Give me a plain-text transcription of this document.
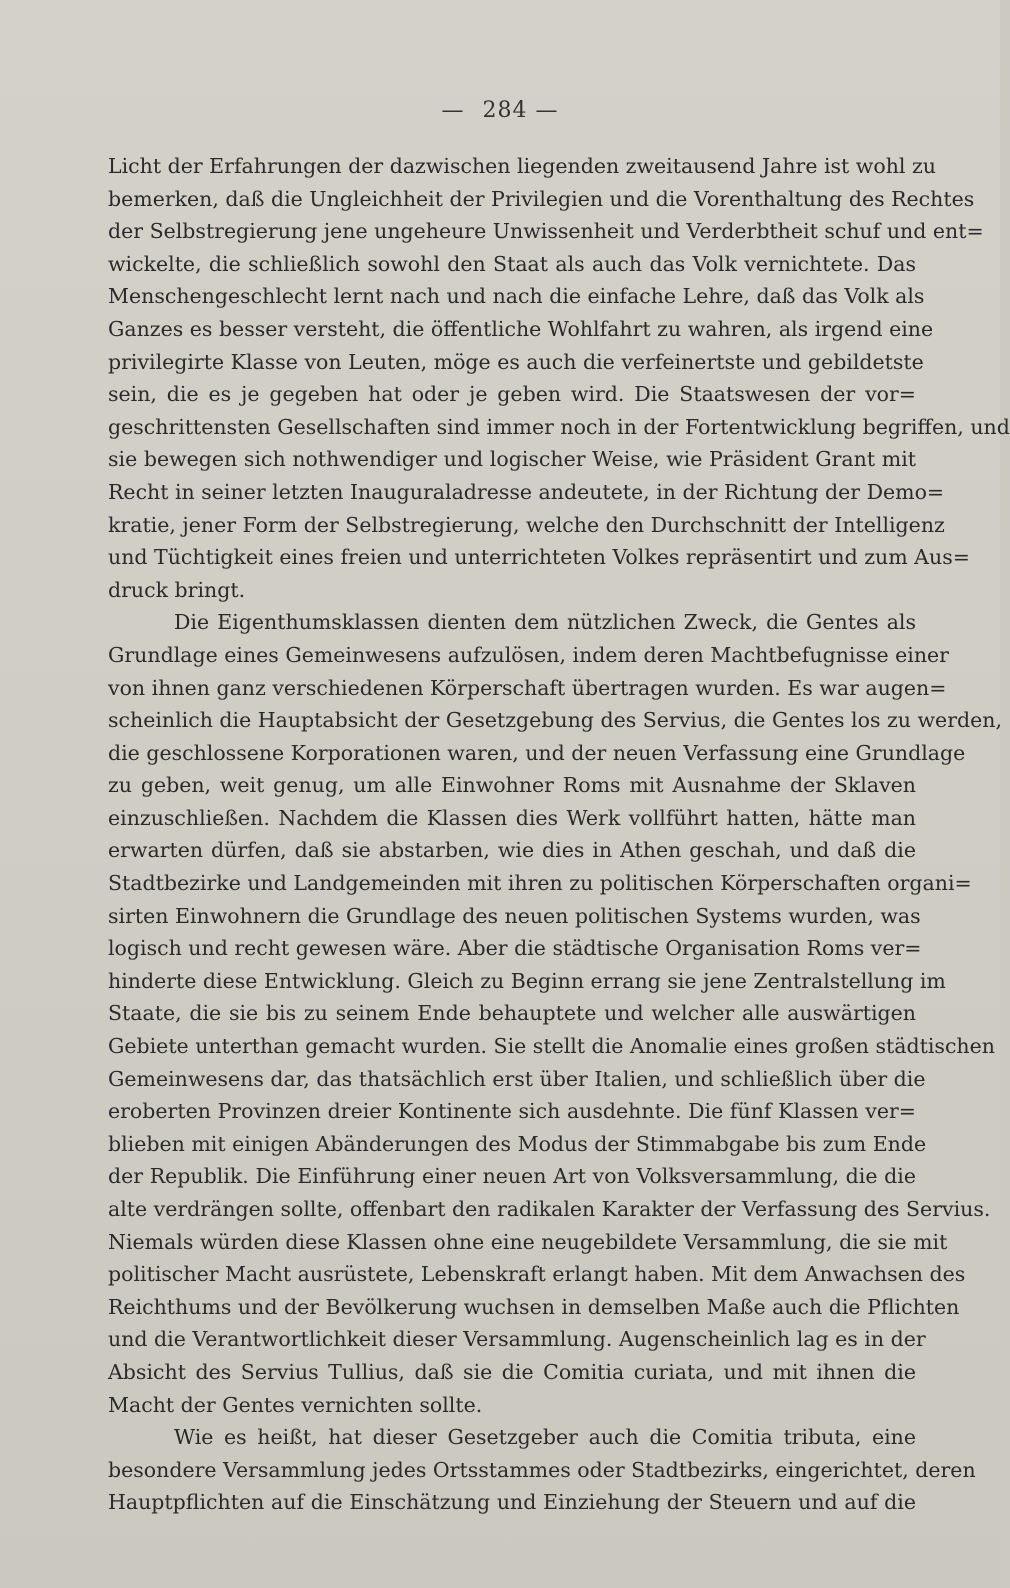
— 284 —
Licht der Erfahrungen der dazwischen liegenden zweitausend Jahre ist wohl zu
bemerken, daß die Ungleichheit der Privilegien und die Vorenthaltung des Rechtes
der Selbstregierung jene ungeheure Unwissenheit und Verderbtheit schuf und ent=
wickelte, die schließlich sowohl den Staat als auch das Volk vernichtete. Das
Menschengeschlecht lernt nach und nach die einfache Lehre, daß das Volk als
Ganzes es besser versteht, die öffentliche Wohlfahrt zu wahren, als irgend eine
privilegirte Klasse von Leuten, möge es auch die verfeinertste und gebildetste
sein, die es je gegeben hat oder je geben wird. Die Staatswesen der vor=
geschrittensten Gesellschaften sind immer noch in der Fortentwicklung begriffen, und
sie bewegen sich nothwendiger und logischer Weise, wie Präsident Grant mit
Recht in seiner letzten Inauguraladresse andeutete, in der Richtung der Demo=
kratie, jener Form der Selbstregierung, welche den Durchschnitt der Intelligenz
und Tüchtigkeit eines freien und unterrichteten Volkes repräsentirt und zum Aus=
druck bringt.
Die Eigenthumsklassen dienten dem nützlichen Zweck, die Gentes als
Grundlage eines Gemeinwesens aufzulösen, indem deren Machtbefugnisse einer
von ihnen ganz verschiedenen Körperschaft übertragen wurden. Es war augen=
scheinlich die Hauptabsicht der Gesetzgebung des Servius, die Gentes los zu werden,
die geschlossene Korporationen waren, und der neuen Verfassung eine Grundlage
zu geben, weit genug, um alle Einwohner Roms mit Ausnahme der Sklaven
einzuschließen. Nachdem die Klassen dies Werk vollführt hatten, hätte man
erwarten dürfen, daß sie abstarben, wie dies in Athen geschah, und daß die
Stadtbezirke und Landgemeinden mit ihren zu politischen Körperschaften organi=
sirten Einwohnern die Grundlage des neuen politischen Systems wurden, was
logisch und recht gewesen wäre. Aber die städtische Organisation Roms ver=
hinderte diese Entwicklung. Gleich zu Beginn errang sie jene Zentralstellung im
Staate, die sie bis zu seinem Ende behauptete und welcher alle auswärtigen
Gebiete unterthan gemacht wurden. Sie stellt die Anomalie eines großen städtischen
Gemeinwesens dar, das thatsächlich erst über Italien, und schließlich über die
eroberten Provinzen dreier Kontinente sich ausdehnte. Die fünf Klassen ver=
blieben mit einigen Abänderungen des Modus der Stimmabgabe bis zum Ende
der Republik. Die Einführung einer neuen Art von Volksversammlung, die die
alte verdrängen sollte, offenbart den radikalen Karakter der Verfassung des Servius.
Niemals würden diese Klassen ohne eine neugebildete Versammlung, die sie mit
politischer Macht ausrüstete, Lebenskraft erlangt haben. Mit dem Anwachsen des
Reichthums und der Bevölkerung wuchsen in demselben Maße auch die Pflichten
und die Verantwortlichkeit dieser Versammlung. Augenscheinlich lag es in der
Absicht des Servius Tullius, daß sie die Comitia curiata, und mit ihnen die
Macht der Gentes vernichten sollte.
Wie es heißt, hat dieser Gesetzgeber auch die Comitia tributa, eine
besondere Versammlung jedes Ortsstammes oder Stadtbezirks, eingerichtet, deren
Hauptpflichten auf die Einschätzung und Einziehung der Steuern und auf die
